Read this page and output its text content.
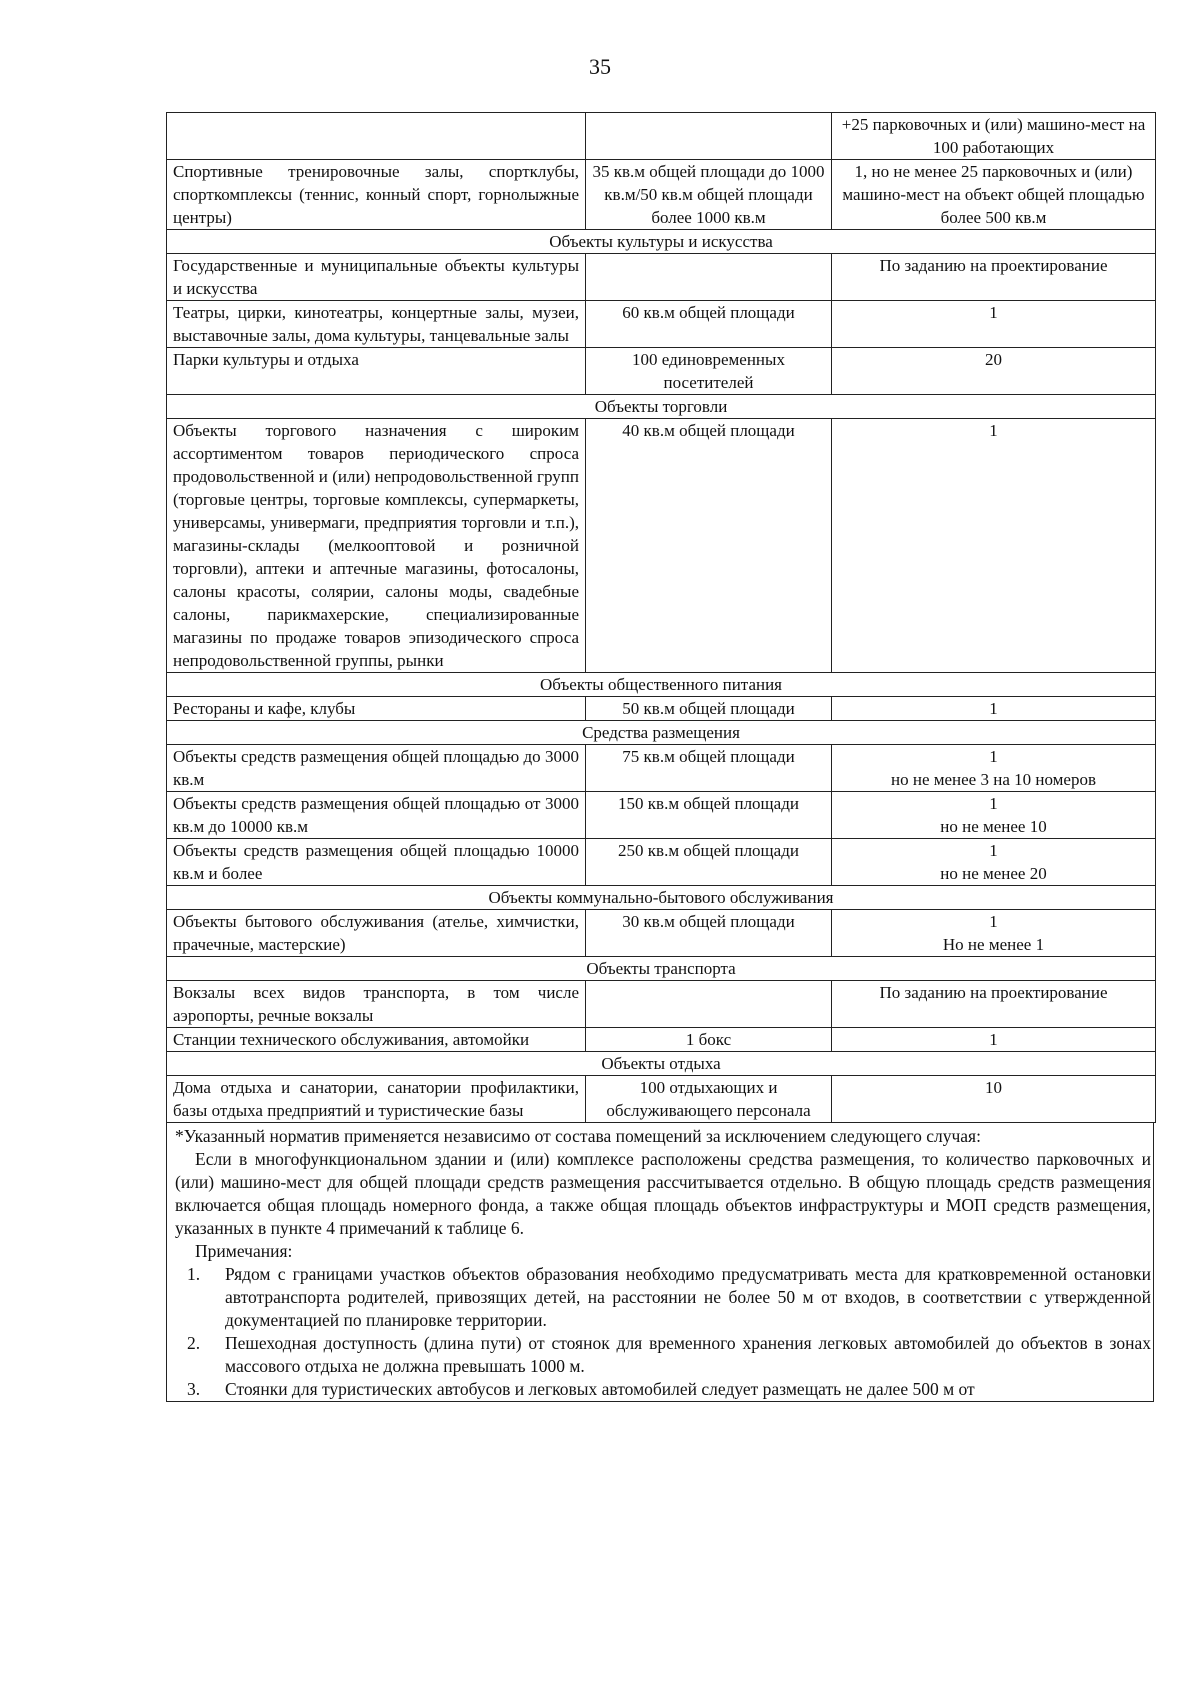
35

		+25 парковочных и (или) машино-мест на 100 работающих

Спортивные тренировочные залы, спортклубы, спорткомплексы (теннис, конный спорт, горнолыжные центры)	35 кв.м общей площади до 1000 кв.м/50 кв.м общей площади более 1000 кв.м	1, но не менее 25 парковочных и (или) машино-мест на объект общей площадью более 500 кв.м

Объекты культуры и искусства		
Государственные и муниципальные объекты культуры и искусства		По заданию на проектирование

Театры, цирки, кинотеатры, концертные залы, музеи, выставочные залы, дома культуры, танцевальные залы	60 кв.м общей площади	1

Парки культуры и отдыха	100 единовременных посетителей	20

Объекты торговли		
Объекты торгового назначения с широким ассортиментом товаров периодического спроса продовольственной и (или) непродовольственной групп (торговые центры, торговые комплексы, супермаркеты, универсамы, универмаги, предприятия торговли и т.п.), магазины-склады (мелкооптовой и розничной торговли), аптеки и аптечные магазины, фотосалоны, салоны красоты, солярии, салоны моды, свадебные салоны, парикмахерские, специализированные магазины по продаже товаров эпизодического спроса непродовольственной группы, рынки	40 кв.м общей площади	1

Объекты общественного питания		
Рестораны и кафе, клубы	50 кв.м общей площади	1

Средства размещения		
Объекты средств размещения общей площадью до 3000 кв.м	75 кв.м общей площади	1
но не менее 3 на 10 номеров

Объекты средств размещения общей площадью от 3000 кв.м до 10000 кв.м	150 кв.м общей площади	1
но не менее 10

Объекты средств размещения общей площадью 10000 кв.м и более	250 кв.м общей площади	1
но не менее 20

Объекты коммунально-бытового обслуживания		
Объекты бытового обслуживания (ателье, химчистки, прачечные, мастерские)	30 кв.м общей площади	1
Но не менее 1

Объекты транспорта		
Вокзалы всех видов транспорта, в том числе аэропорты, речные вокзалы		По заданию на проектирование

Станции технического обслуживания, автомойки	1 бокс	1

Объекты отдыха		
Дома отдыха и санатории, санатории профилактики, базы отдыха предприятий и туристические базы	100 отдыхающих и обслуживающего персонала	10

*Указанный норматив применяется независимо от состава помещений за исключением следующего случая:

Если в многофункциональном здании и (или) комплексе расположены средства размещения, то количество парковочных и (или) машино-мест для общей площади средств размещения рассчитывается отдельно. В общую площадь средств размещения включается общая площадь номерного фонда, а также общая площадь объектов инфраструктуры и МОП средств размещения, указанных в пункте 4 примечаний к таблице 6.

Примечания:

1.	Рядом с границами участков объектов образования необходимо предусматривать места для кратковременной остановки автотранспорта родителей, привозящих детей, на расстоянии не более 50 м от входов, в соответствии с утвержденной документацией по планировке территории.
2.	Пешеходная доступность (длина пути) от стоянок для временного хранения легковых автомобилей до объектов в зонах массового отдыха не должна превышать 1000 м.
3.	Стоянки для туристических автобусов и легковых автомобилей следует размещать не далее 500 м от
